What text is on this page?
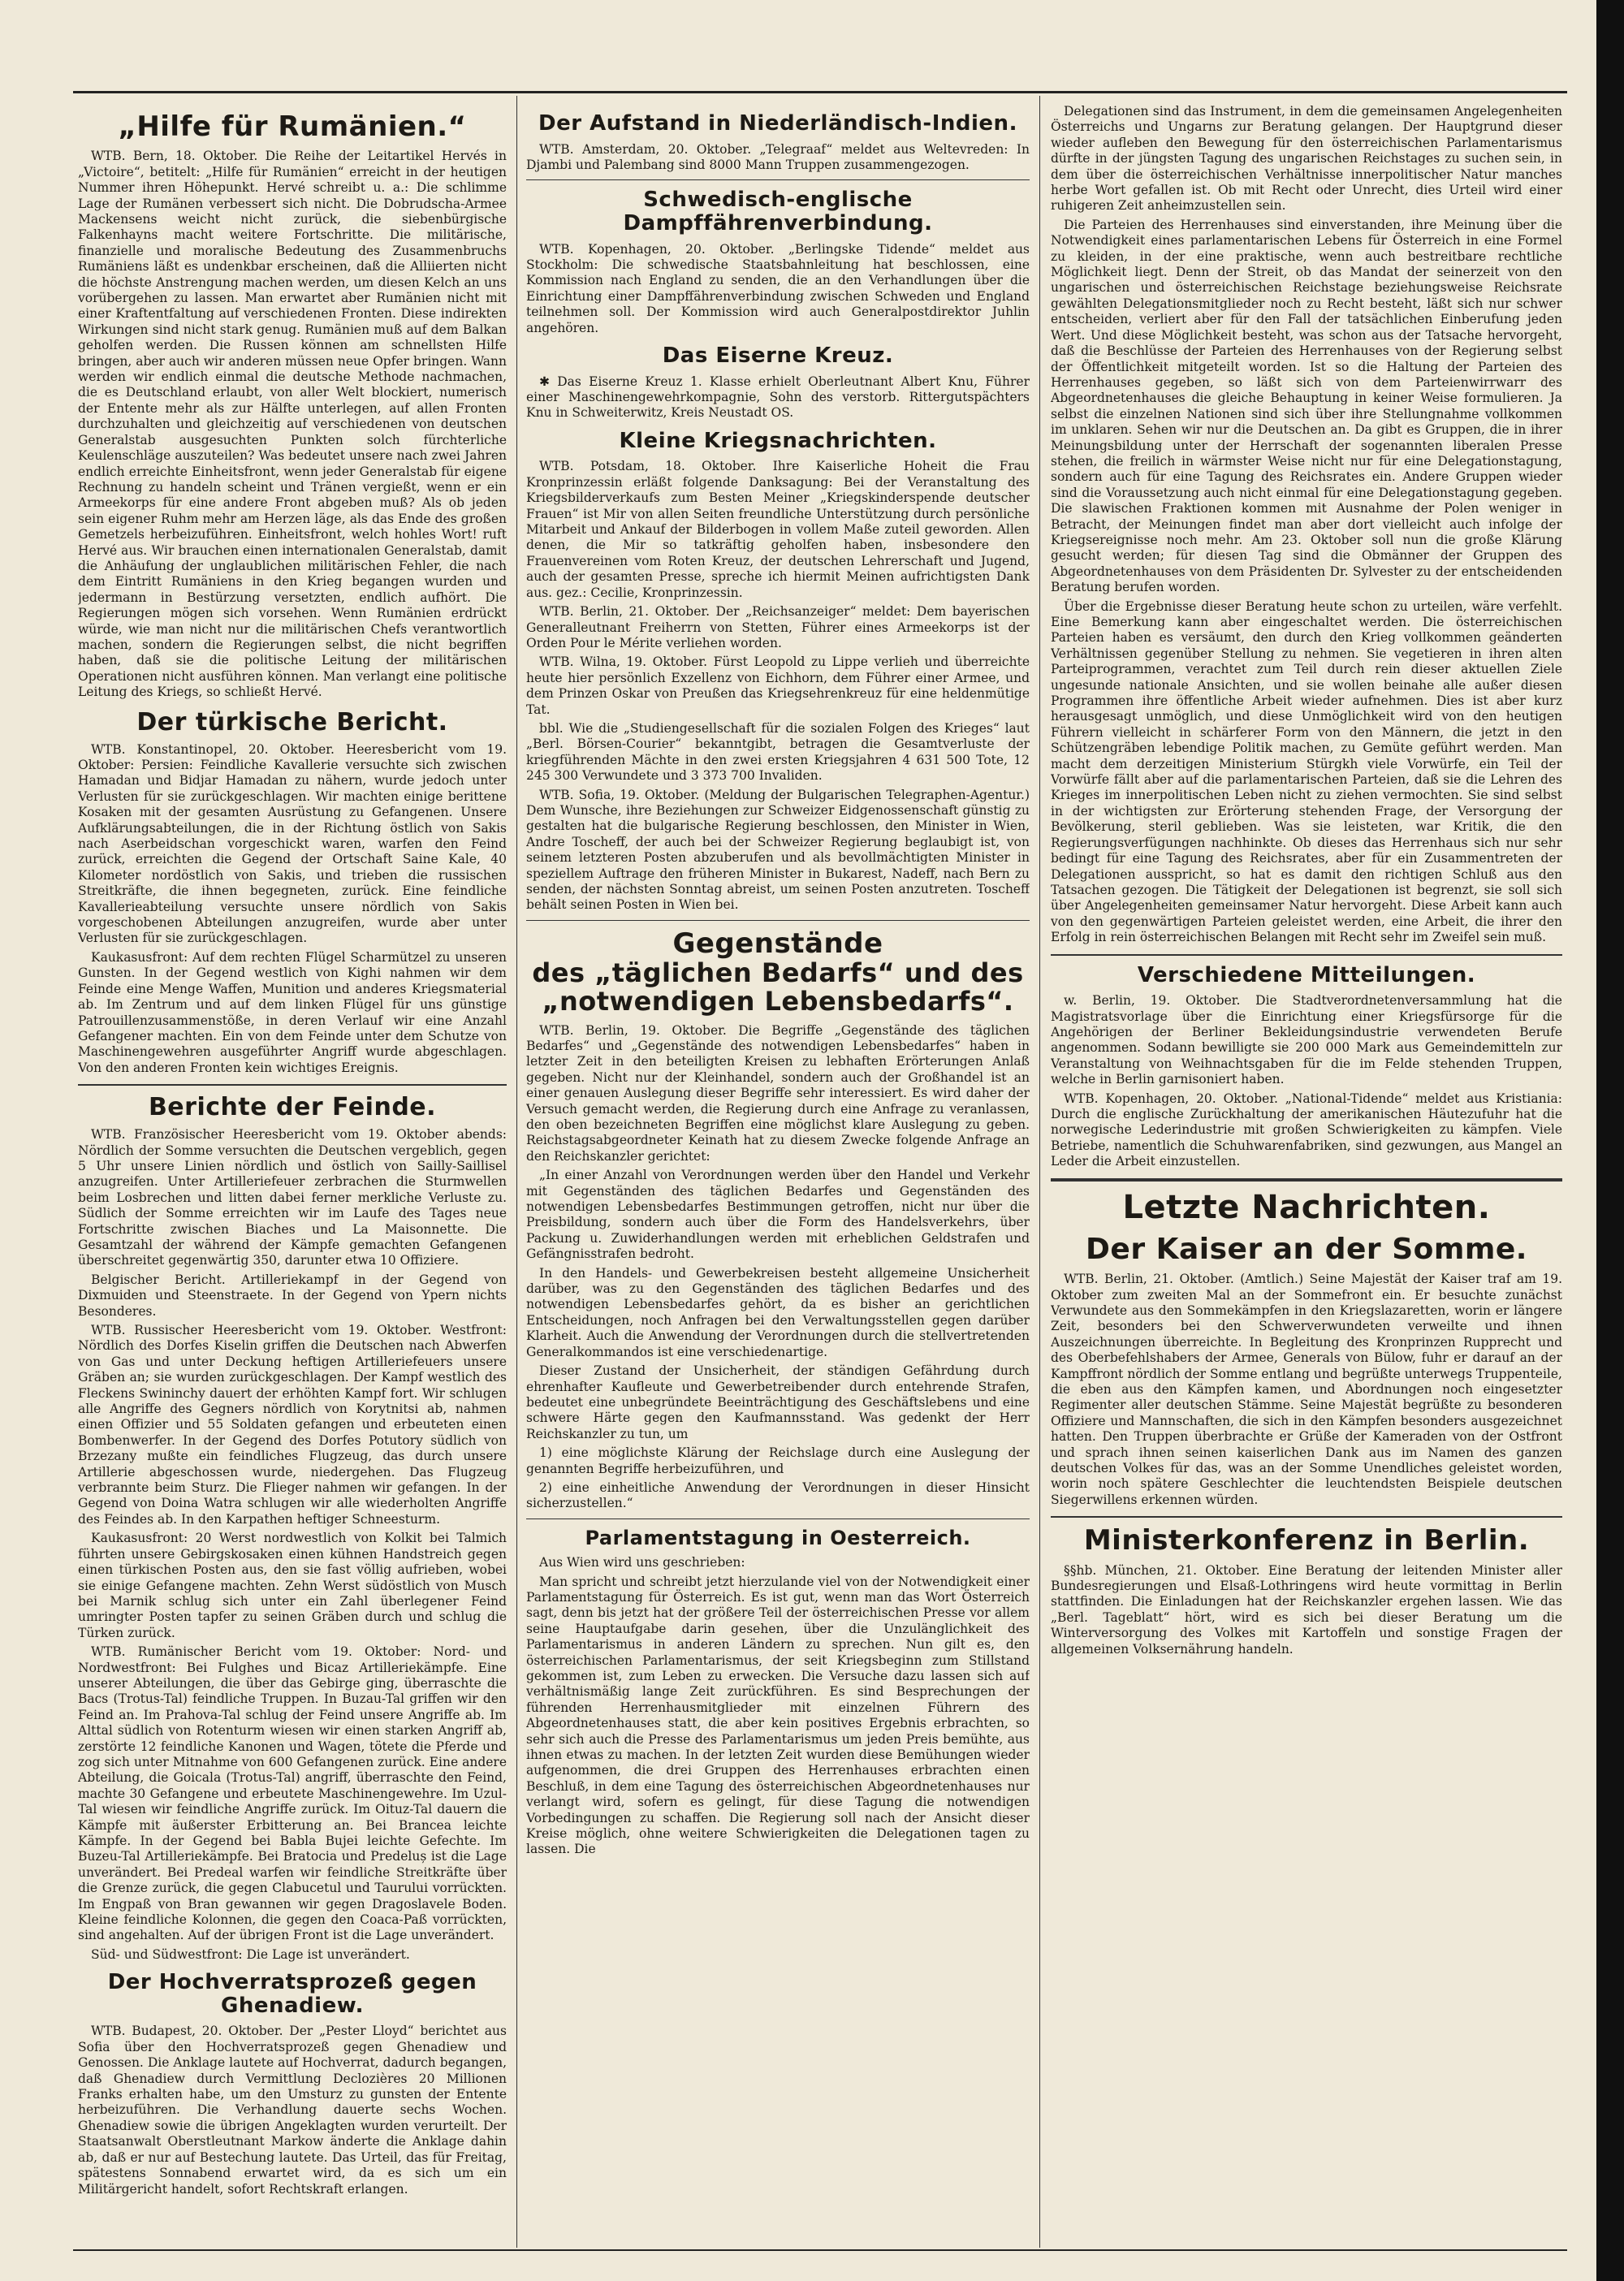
„Hilfe für Rumänien.“

WTB. Bern, 18. Oktober. Die Reihe der Leitartikel Hervés in „Victoire“, betitelt: „Hilfe für Rumänien“ erreicht in der heutigen Nummer ihren Höhepunkt. Hervé schreibt u. a.: Die schlimme Lage der Rumänen verbessert sich nicht. Die Dobrudscha-Armee Mackensens weicht nicht zurück, die siebenbürgische Falkenhayns macht weitere Fortschritte. Die militärische, finanzielle und moralische Bedeutung des Zusammenbruchs Rumäniens läßt es undenkbar erscheinen, daß die Alliierten nicht die höchste Anstrengung machen werden, um diesen Kelch an uns vorübergehen zu lassen. Man erwartet aber Rumänien nicht mit einer Kraftentfaltung auf verschiedenen Fronten. Diese indirekten Wirkungen sind nicht stark genug. Rumänien muß auf dem Balkan geholfen werden. Die Russen können am schnellsten Hilfe bringen, aber auch wir anderen müssen neue Opfer bringen. Wann werden wir endlich einmal die deutsche Methode nachmachen, die es Deutschland erlaubt, von aller Welt blockiert, numerisch der Entente mehr als zur Hälfte unterlegen, auf allen Fronten durchzuhalten und gleichzeitig auf verschiedenen von deutschen Generalstab ausgesuchten Punkten solch fürchterliche Keulenschläge auszuteilen? Was bedeutet unsere nach zwei Jahren endlich erreichte Einheitsfront, wenn jeder Generalstab für eigene Rechnung zu handeln scheint und Tränen vergießt, wenn er ein Armeekorps für eine andere Front abgeben muß? Als ob jeden sein eigener Ruhm mehr am Herzen läge, als das Ende des großen Gemetzels herbeizuführen. Einheitsfront, welch hohles Wort! ruft Hervé aus. Wir brauchen einen internationalen Generalstab, damit die Anhäufung der unglaublichen militärischen Fehler, die nach dem Eintritt Rumäniens in den Krieg begangen wurden und jedermann in Bestürzung versetzten, endlich aufhört. Die Regierungen mögen sich vorsehen. Wenn Rumänien erdrückt würde, wie man nicht nur die militärischen Chefs verantwortlich machen, sondern die Regierungen selbst, die nicht begriffen haben, daß sie die politische Leitung der militärischen Operationen nicht ausführen können. Man verlangt eine politische Leitung des Kriegs, so schließt Hervé.

Der türkische Bericht.

WTB. Konstantinopel, 20. Oktober. Heeresbericht vom 19. Oktober: Persien: Feindliche Kavallerie versuchte sich zwischen Hamadan und Bidjar Hamadan zu nähern, wurde jedoch unter Verlusten für sie zurückgeschlagen. Wir machten einige berittene Kosaken mit der gesamten Ausrüstung zu Gefangenen. Unsere Aufklärungsabteilungen, die in der Richtung östlich von Sakis nach Aserbeidschan vorgeschickt waren, warfen den Feind zurück, erreichten die Gegend der Ortschaft Saine Kale, 40 Kilometer nordöstlich von Sakis, und trieben die russischen Streitkräfte, die ihnen begegneten, zurück. Eine feindliche Kavallerieabteilung versuchte unsere nördlich von Sakis vorgeschobenen Abteilungen anzugreifen, wurde aber unter Verlusten für sie zurückgeschlagen.

Kaukasusfront: Auf dem rechten Flügel Scharmützel zu unseren Gunsten. In der Gegend westlich von Kighi nahmen wir dem Feinde eine Menge Waffen, Munition und anderes Kriegsmaterial ab. Im Zentrum und auf dem linken Flügel für uns günstige Patrouillenzusammenstöße, in deren Verlauf wir eine Anzahl Gefangener machten. Ein von dem Feinde unter dem Schutze von Maschinengewehren ausgeführter Angriff wurde abgeschlagen. Von den anderen Fronten kein wichtiges Ereignis.

Berichte der Feinde.

WTB. Französischer Heeresbericht vom 19. Oktober abends: Nördlich der Somme versuchten die Deutschen vergeblich, gegen 5 Uhr unsere Linien nördlich und östlich von Sailly-Saillisel anzugreifen. Unter Artilleriefeuer zerbrachen die Sturmwellen beim Losbrechen und litten dabei ferner merkliche Verluste zu. Südlich der Somme erreichten wir im Laufe des Tages neue Fortschritte zwischen Biaches und La Maisonnette. Die Gesamtzahl der während der Kämpfe gemachten Gefangenen überschreitet gegenwärtig 350, darunter etwa 10 Offiziere.

Belgischer Bericht. Artilleriekampf in der Gegend von Dixmuiden und Steenstraete. In der Gegend von Ypern nichts Besonderes.

WTB. Russischer Heeresbericht vom 19. Oktober. Westfront: Nördlich des Dorfes Kiselin griffen die Deutschen nach Abwerfen von Gas und unter Deckung heftigen Artilleriefeuers unsere Gräben an; sie wurden zurückgeschlagen. Der Kampf westlich des Fleckens Swininchy dauert der erhöhten Kampf fort. Wir schlugen alle Angriffe des Gegners nördlich von Korytnitsi ab, nahmen einen Offizier und 55 Soldaten gefangen und erbeuteten einen Bombenwerfer. In der Gegend des Dorfes Potutory südlich von Brzezany mußte ein feindliches Flugzeug, das durch unsere Artillerie abgeschossen wurde, niedergehen. Das Flugzeug verbrannte beim Sturz. Die Flieger nahmen wir gefangen. In der Gegend von Doina Watra schlugen wir alle wiederholten Angriffe des Feindes ab. In den Karpathen heftiger Schneesturm.

Kaukasusfront: 20 Werst nordwestlich von Kolkit bei Talmich führten unsere Gebirgskosaken einen kühnen Handstreich gegen einen türkischen Posten aus, den sie fast völlig aufrieben, wobei sie einige Gefangene machten. Zehn Werst südöstlich von Musch bei Marnik schlug sich unter ein Zahl überlegener Feind umringter Posten tapfer zu seinen Gräben durch und schlug die Türken zurück.

WTB. Rumänischer Bericht vom 19. Oktober: Nord- und Nordwestfront: Bei Fulghes und Bicaz Artilleriekämpfe. Eine unserer Abteilungen, die über das Gebirge ging, überraschte die Bacs (Trotus-Tal) feindliche Truppen. In Buzau-Tal griffen wir den Feind an. Im Prahova-Tal schlug der Feind unsere Angriffe ab. Im Alttal südlich von Rotenturm wiesen wir einen starken Angriff ab, zerstörte 12 feindliche Kanonen und Wagen, tötete die Pferde und zog sich unter Mitnahme von 600 Gefangenen zurück. Eine andere Abteilung, die Goicala (Trotus-Tal) angriff, überraschte den Feind, machte 30 Gefangene und erbeutete Maschinengewehre. Im Uzul-Tal wiesen wir feindliche Angriffe zurück. Im Oituz-Tal dauern die Kämpfe mit äußerster Erbitterung an. Bei Brancea leichte Kämpfe. In der Gegend bei Babla Bujei leichte Gefechte. Im Buzeu-Tal Artilleriekämpfe. Bei Bratocia und Predeluș ist die Lage unverändert. Bei Predeal warfen wir feindliche Streitkräfte über die Grenze zurück, die gegen Clabucetul und Taurului vorrückten. Im Engpaß von Bran gewannen wir gegen Dragoslavele Boden. Kleine feindliche Kolonnen, die gegen den Coaca-Paß vorrückten, sind angehalten. Auf der übrigen Front ist die Lage unverändert.

Süd- und Südwestfront: Die Lage ist unverändert.

Der Hochverratsprozeß gegen Ghenadiew.

WTB. Budapest, 20. Oktober. Der „Pester Lloyd“ berichtet aus Sofia über den Hochverratsprozeß gegen Ghenadiew und Genossen. Die Anklage lautete auf Hochverrat, dadurch begangen, daß Ghenadiew durch Vermittlung Declozières 20 Millionen Franks erhalten habe, um den Umsturz zu gunsten der Entente herbeizuführen. Die Verhandlung dauerte sechs Wochen. Ghenadiew sowie die übrigen Angeklagten wurden verurteilt. Der Staatsanwalt Oberstleutnant Markow änderte die Anklage dahin ab, daß er nur auf Bestechung lautete. Das Urteil, das für Freitag, spätestens Sonnabend erwartet wird, da es sich um ein Militärgericht handelt, sofort Rechtskraft erlangen.

Der Aufstand in Niederländisch-Indien.

WTB. Amsterdam, 20. Oktober. „Telegraaf“ meldet aus Weltevreden: In Djambi und Palembang sind 8000 Mann Truppen zusammengezogen.

Schwedisch-englische Dampffährenverbindung.

WTB. Kopenhagen, 20. Oktober. „Berlingske Tidende“ meldet aus Stockholm: Die schwedische Staatsbahnleitung hat beschlossen, eine Kommission nach England zu senden, die an den Verhandlungen über die Einrichtung einer Dampffährenverbindung zwischen Schweden und England teilnehmen soll. Der Kommission wird auch Generalpostdirektor Juhlin angehören.

Das Eiserne Kreuz.

✱ Das Eiserne Kreuz 1. Klasse erhielt Oberleutnant Albert Knu, Führer einer Maschinengewehrkompagnie, Sohn des verstorb. Rittergutspächters Knu in Schweiterwitz, Kreis Neustadt OS.

Kleine Kriegsnachrichten.

WTB. Potsdam, 18. Oktober. Ihre Kaiserliche Hoheit die Frau Kronprinzessin erläßt folgende Danksagung: Bei der Veranstaltung des Kriegsbilderverkaufs zum Besten Meiner „Kriegskinderspende deutscher Frauen“ ist Mir von allen Seiten freundliche Unterstützung durch persönliche Mitarbeit und Ankauf der Bilderbogen in vollem Maße zuteil geworden. Allen denen, die Mir so tatkräftig geholfen haben, insbesondere den Frauenvereinen vom Roten Kreuz, der deutschen Lehrerschaft und Jugend, auch der gesamten Presse, spreche ich hiermit Meinen aufrichtigsten Dank aus. gez.: Cecilie, Kronprinzessin.

WTB. Berlin, 21. Oktober. Der „Reichsanzeiger“ meldet: Dem bayerischen Generalleutnant Freiherrn von Stetten, Führer eines Armeekorps ist der Orden Pour le Mérite verliehen worden.

WTB. Wilna, 19. Oktober. Fürst Leopold zu Lippe verlieh und überreichte heute hier persönlich Exzellenz von Eichhorn, dem Führer einer Armee, und dem Prinzen Oskar von Preußen das Kriegsehrenkreuz für eine heldenmütige Tat.

bbl. Wie die „Studiengesellschaft für die sozialen Folgen des Krieges“ laut „Berl. Börsen-Courier“ bekanntgibt, betragen die Gesamtverluste der kriegführenden Mächte in den zwei ersten Kriegsjahren 4 631 500 Tote, 12 245 300 Verwundete und 3 373 700 Invaliden.

WTB. Sofia, 19. Oktober. (Meldung der Bulgarischen Telegraphen-Agentur.) Dem Wunsche, ihre Beziehungen zur Schweizer Eidgenossenschaft günstig zu gestalten hat die bulgarische Regierung beschlossen, den Minister in Wien, Andre Toscheff, der auch bei der Schweizer Regierung beglaubigt ist, von seinem letzteren Posten abzuberufen und als bevollmächtigten Minister in speziellem Auftrage den früheren Minister in Bukarest, Nadeff, nach Bern zu senden, der nächsten Sonntag abreist, um seinen Posten anzutreten. Toscheff behält seinen Posten in Wien bei.

Gegenstände
des „täglichen Bedarfs“ und des
„notwendigen Lebensbedarfs“.

WTB. Berlin, 19. Oktober. Die Begriffe „Gegenstände des täglichen Bedarfes“ und „Gegenstände des notwendigen Lebensbedarfes“ haben in letzter Zeit in den beteiligten Kreisen zu lebhaften Erörterungen Anlaß gegeben. Nicht nur der Kleinhandel, sondern auch der Großhandel ist an einer genauen Auslegung dieser Begriffe sehr interessiert. Es wird daher der Versuch gemacht werden, die Regierung durch eine Anfrage zu veranlassen, den oben bezeichneten Begriffen eine möglichst klare Auslegung zu geben. Reichstagsabgeordneter Keinath hat zu diesem Zwecke folgende Anfrage an den Reichskanzler gerichtet:

„In einer Anzahl von Verordnungen werden über den Handel und Verkehr mit Gegenständen des täglichen Bedarfes und Gegenständen des notwendigen Lebensbedarfes Bestimmungen getroffen, nicht nur über die Preisbildung, sondern auch über die Form des Handelsverkehrs, über Packung u. Zuwiderhandlungen werden mit erheblichen Geldstrafen und Gefängnisstrafen bedroht.

In den Handels- und Gewerbekreisen besteht allgemeine Unsicherheit darüber, was zu den Gegenständen des täglichen Bedarfes und des notwendigen Lebensbedarfes gehört, da es bisher an gerichtlichen Entscheidungen, noch Anfragen bei den Verwaltungsstellen gegen darüber Klarheit. Auch die Anwendung der Verordnungen durch die stellvertretenden Generalkommandos ist eine verschiedenartige.

Dieser Zustand der Unsicherheit, der ständigen Gefährdung durch ehrenhafter Kaufleute und Gewerbetreibender durch entehrende Strafen, bedeutet eine unbegründete Beeinträchtigung des Geschäftslebens und eine schwere Härte gegen den Kaufmannsstand. Was gedenkt der Herr Reichskanzler zu tun, um

1) eine möglichste Klärung der Reichslage durch eine Auslegung der genannten Begriffe herbeizuführen, und

2) eine einheitliche Anwendung der Verordnungen in dieser Hinsicht sicherzustellen.“

Parlamentstagung in Oesterreich.

Aus Wien wird uns geschrieben:

Man spricht und schreibt jetzt hierzulande viel von der Notwendigkeit einer Parlamentstagung für Österreich. Es ist gut, wenn man das Wort Österreich sagt, denn bis jetzt hat der größere Teil der österreichischen Presse vor allem seine Hauptaufgabe darin gesehen, über die Unzulänglichkeit des Parlamentarismus in anderen Ländern zu sprechen. Nun gilt es, den österreichischen Parlamentarismus, der seit Kriegsbeginn zum Stillstand gekommen ist, zum Leben zu erwecken. Die Versuche dazu lassen sich auf verhältnismäßig lange Zeit zurückführen. Es sind Besprechungen der führenden Herrenhausmitglieder mit einzelnen Führern des Abgeordnetenhauses statt, die aber kein positives Ergebnis erbrachten, so sehr sich auch die Presse des Parlamentarismus um jeden Preis bemühte, aus ihnen etwas zu machen. In der letzten Zeit wurden diese Bemühungen wieder aufgenommen, die drei Gruppen des Herrenhauses erbrachten einen Beschluß, in dem eine Tagung des österreichischen Abgeordnetenhauses nur verlangt wird, sofern es gelingt, für diese Tagung die notwendigen Vorbedingungen zu schaffen. Die Regierung soll nach der Ansicht dieser Kreise möglich, ohne weitere Schwierigkeiten die Delegationen tagen zu lassen. Die

Delegationen sind das Instrument, in dem die gemeinsamen Angelegenheiten Österreichs und Ungarns zur Beratung gelangen. Der Hauptgrund dieser wieder aufleben den Bewegung für den österreichischen Parlamentarismus dürfte in der jüngsten Tagung des ungarischen Reichstages zu suchen sein, in dem über die österreichischen Verhältnisse innerpolitischer Natur manches herbe Wort gefallen ist. Ob mit Recht oder Unrecht, dies Urteil wird einer ruhigeren Zeit anheimzustellen sein.

Die Parteien des Herrenhauses sind einverstanden, ihre Meinung über die Notwendigkeit eines parlamentarischen Lebens für Österreich in eine Formel zu kleiden, in der eine praktische, wenn auch bestreitbare rechtliche Möglichkeit liegt. Denn der Streit, ob das Mandat der seinerzeit von den ungarischen und österreichischen Reichstage beziehungsweise Reichsrate gewählten Delegationsmitglieder noch zu Recht besteht, läßt sich nur schwer entscheiden, verliert aber für den Fall der tatsächlichen Einberufung jeden Wert. Und diese Möglichkeit besteht, was schon aus der Tatsache hervorgeht, daß die Beschlüsse der Parteien des Herrenhauses von der Regierung selbst der Öffentlichkeit mitgeteilt worden. Ist so die Haltung der Parteien des Herrenhauses gegeben, so läßt sich von dem Parteienwirrwarr des Abgeordnetenhauses die gleiche Behauptung in keiner Weise formulieren. Ja selbst die einzelnen Nationen sind sich über ihre Stellungnahme vollkommen im unklaren. Sehen wir nur die Deutschen an. Da gibt es Gruppen, die in ihrer Meinungsbildung unter der Herrschaft der sogenannten liberalen Presse stehen, die freilich in wärmster Weise nicht nur für eine Delegationstagung, sondern auch für eine Tagung des Reichsrates ein. Andere Gruppen wieder sind die Voraussetzung auch nicht einmal für eine Delegationstagung gegeben. Die slawischen Fraktionen kommen mit Ausnahme der Polen weniger in Betracht, der Meinungen findet man aber dort vielleicht auch infolge der Kriegsereignisse noch mehr. Am 23. Oktober soll nun die große Klärung gesucht werden; für diesen Tag sind die Obmänner der Gruppen des Abgeordnetenhauses von dem Präsidenten Dr. Sylvester zu der entscheidenden Beratung berufen worden.

Über die Ergebnisse dieser Beratung heute schon zu urteilen, wäre verfehlt. Eine Bemerkung kann aber eingeschaltet werden. Die österreichischen Parteien haben es versäumt, den durch den Krieg vollkommen geänderten Verhältnissen gegenüber Stellung zu nehmen. Sie vegetieren in ihren alten Parteiprogrammen, verachtet zum Teil durch rein dieser aktuellen Ziele ungesunde nationale Ansichten, und sie wollen beinahe alle außer diesen Programmen ihre öffentliche Arbeit wieder aufnehmen. Dies ist aber kurz herausgesagt unmöglich, und diese Unmöglichkeit wird von den heutigen Führern vielleicht in schärferer Form von den Männern, die jetzt in den Schützengräben lebendige Politik machen, zu Gemüte geführt werden. Man macht dem derzeitigen Ministerium Stürgkh viele Vorwürfe, ein Teil der Vorwürfe fällt aber auf die parlamentarischen Parteien, daß sie die Lehren des Krieges im innerpolitischen Leben nicht zu ziehen vermochten. Sie sind selbst in der wichtigsten zur Erörterung stehenden Frage, der Versorgung der Bevölkerung, steril geblieben. Was sie leisteten, war Kritik, die den Regierungsverfügungen nachhinkte. Ob dieses das Herrenhaus sich nur sehr bedingt für eine Tagung des Reichsrates, aber für ein Zusammentreten der Delegationen ausspricht, so hat es damit den richtigen Schluß aus den Tatsachen gezogen. Die Tätigkeit der Delegationen ist begrenzt, sie soll sich über Angelegenheiten gemeinsamer Natur hervorgeht. Diese Arbeit kann auch von den gegenwärtigen Parteien geleistet werden, eine Arbeit, die ihrer den Erfolg in rein österreichischen Belangen mit Recht sehr im Zweifel sein muß.

Verschiedene Mitteilungen.

w. Berlin, 19. Oktober. Die Stadtverordnetenversammlung hat die Magistratsvorlage über die Einrichtung einer Kriegsfürsorge für die Angehörigen der Berliner Bekleidungsindustrie verwendeten Berufe angenommen. Sodann bewilligte sie 200 000 Mark aus Gemeindemitteln zur Veranstaltung von Weihnachtsgaben für die im Felde stehenden Truppen, welche in Berlin garnisoniert haben.

WTB. Kopenhagen, 20. Oktober. „National-Tidende“ meldet aus Kristiania: Durch die englische Zurückhaltung der amerikanischen Häutezufuhr hat die norwegische Lederindustrie mit großen Schwierigkeiten zu kämpfen. Viele Betriebe, namentlich die Schuhwarenfabriken, sind gezwungen, aus Mangel an Leder die Arbeit einzustellen.

Letzte Nachrichten.
Der Kaiser an der Somme.

WTB. Berlin, 21. Oktober. (Amtlich.) Seine Majestät der Kaiser traf am 19. Oktober zum zweiten Mal an der Sommefront ein. Er besuchte zunächst Verwundete aus den Sommekämpfen in den Kriegslazaretten, worin er längere Zeit, besonders bei den Schwerverwundeten verweilte und ihnen Auszeichnungen überreichte. In Begleitung des Kronprinzen Rupprecht und des Oberbefehlshabers der Armee, Generals von Bülow, fuhr er darauf an der Kampffront nördlich der Somme entlang und begrüßte unterwegs Truppenteile, die eben aus den Kämpfen kamen, und Abordnungen noch eingesetzter Regimenter aller deutschen Stämme. Seine Majestät begrüßte zu besonderen Offiziere und Mannschaften, die sich in den Kämpfen besonders ausgezeichnet hatten. Den Truppen überbrachte er Grüße der Kameraden von der Ostfront und sprach ihnen seinen kaiserlichen Dank aus im Namen des ganzen deutschen Volkes für das, was an der Somme Unendliches geleistet worden, worin noch spätere Geschlechter die leuchtendsten Beispiele deutschen Siegerwillens erkennen würden.

Ministerkonferenz in Berlin.

§§hb. München, 21. Oktober. Eine Beratung der leitenden Minister aller Bundesregierungen und Elsaß-Lothringens wird heute vormittag in Berlin stattfinden. Die Einladungen hat der Reichskanzler ergehen lassen. Wie das „Berl. Tageblatt“ hört, wird es sich bei dieser Beratung um die Winterversorgung des Volkes mit Kartoffeln und sonstige Fragen der allgemeinen Volksernährung handeln.
